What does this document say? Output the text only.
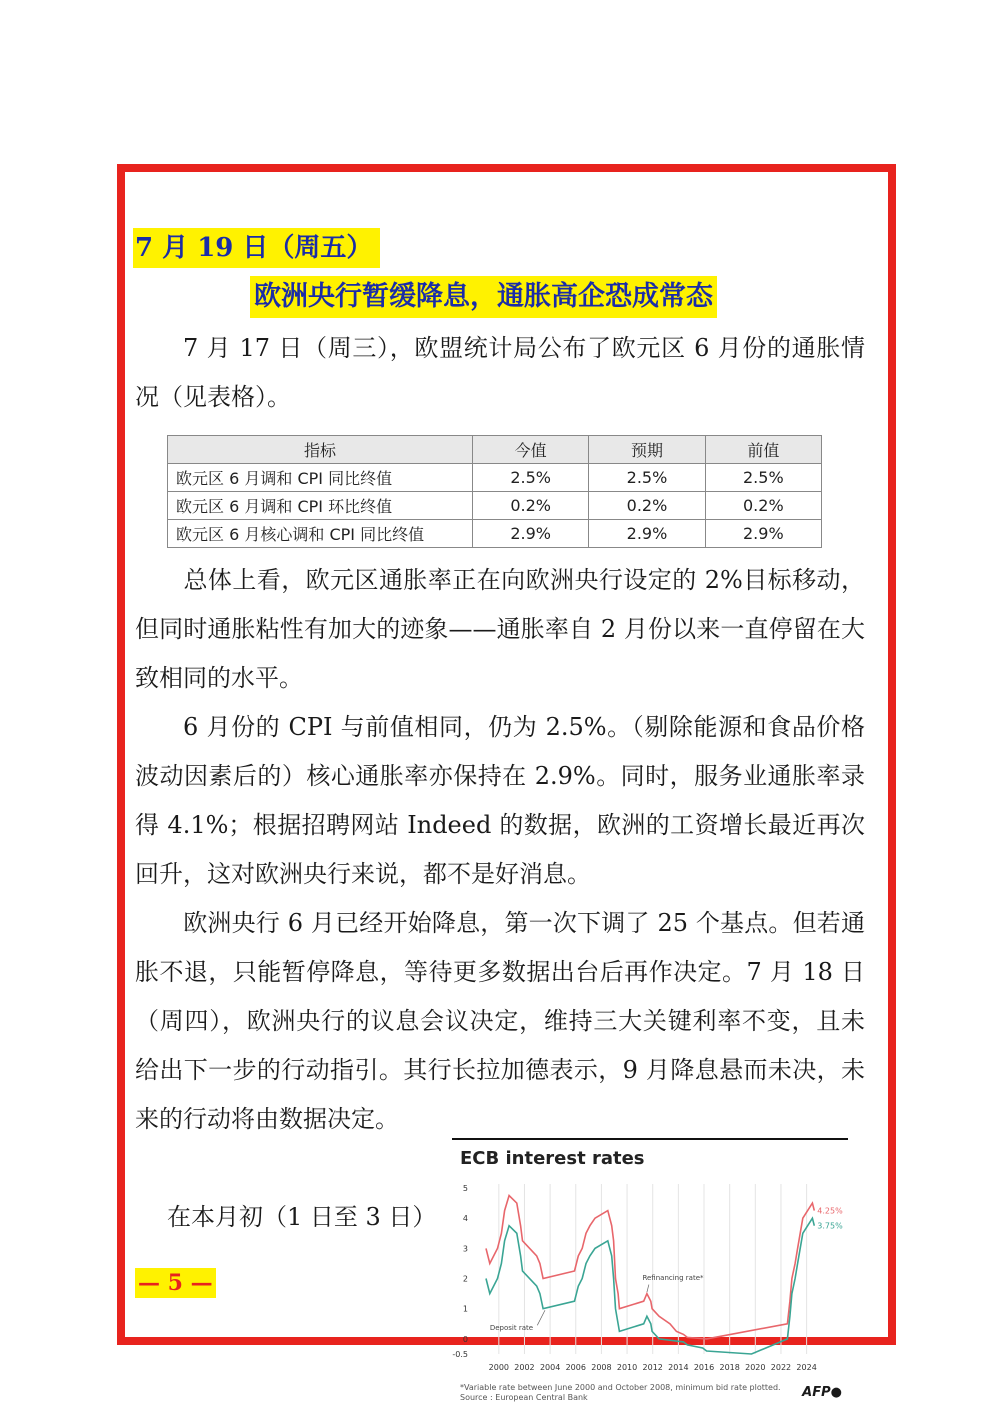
7 月 19 日（周五）
欧洲央行暂缓降息，通胀高企恐成常态

7 月 17 日（周三），欧盟统计局公布了欧元区 6 月份的通胀情况（见表格）。

指标	今值	预期	前值
欧元区 6 月调和 CPI 同比终值	2.5%	2.5%	2.5%
欧元区 6 月调和 CPI 环比终值	0.2%	0.2%	0.2%
欧元区 6 月核心调和 CPI 同比终值	2.9%	2.9%	2.9%

总体上看，欧元区通胀率正在向欧洲央行设定的 2%目标移动，但同时通胀粘性有加大的迹象——通胀率自 2 月份以来一直停留在大致相同的水平。

6 月份的 CPI 与前值相同，仍为 2.5%。（剔除能源和食品价格波动因素后的）核心通胀率亦保持在 2.9%。同时，服务业通胀率录得 4.1%；根据招聘网站 Indeed 的数据，欧洲的工资增长最近再次回升，这对欧洲央行来说，都不是好消息。

欧洲央行 6 月已经开始降息，第一次下调了 25 个基点。但若通胀不退，只能暂停降息，等待更多数据出台后再作决定。7 月 18 日（周四），欧洲央行的议息会议决定，维持三大关键利率不变，且未给出下一步的行动指引。其行长拉加德表示，9 月降息悬而未决，未来的行动将由数据决定。

在本月初（1 日至 3 日）

— 5 —
ECB interest rates
2000 2002 2004 2006 2008 2010 2012 2014 2016 2018 2020 2022 2024
5
4
3
2
1
0
-0.5
4.25%
3.75%
Refinancing rate*
Deposit rate
*Variable rate between June 2000 and October 2008, minimum bid rate plotted.
Source : European Central Bank	AFP●
